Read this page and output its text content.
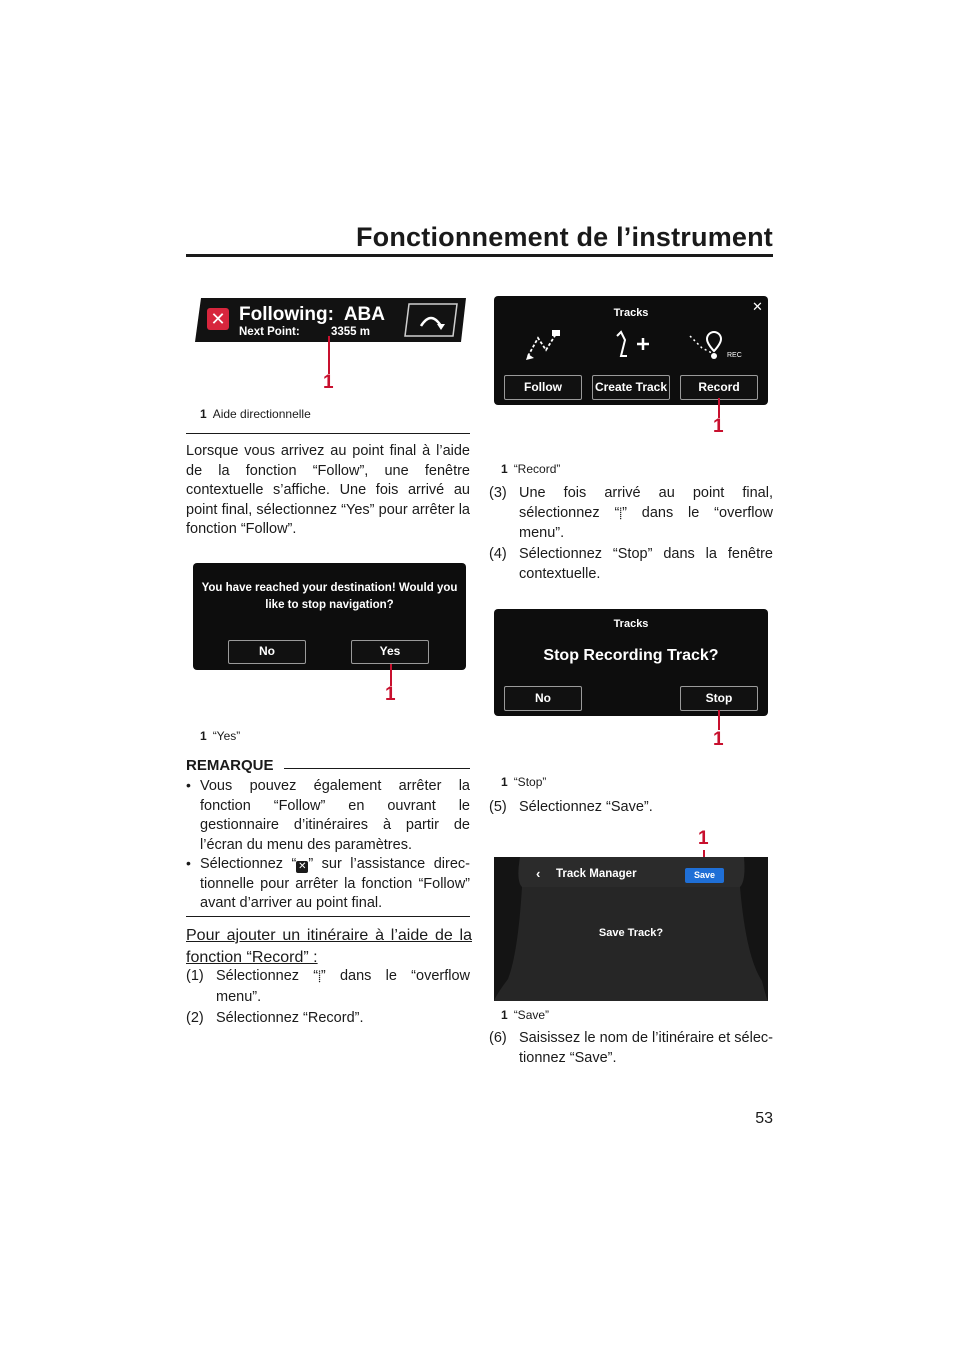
Fonctionnement de l’instrument
✕ Following:  ABA
Next Point:	3355 m
1
1 Aide directionnelle
Lorsque vous arrivez au point final à l’aide de la fonction “Follow”, une fenêtre contextuelle s’affiche. Une fois arrivé au point final, sélectionnez “Yes” pour arrêter la fonction “Follow”.
You have reached your destination! Would you like to stop navigation?
No	Yes
1
1 “Yes”
REMARQUE
• Vous pouvez également arrêter la fonction “Follow” en ouvrant le gestionnaire d’itinéraires à partir de l’écran du menu des paramètres.
• Sélectionnez “ ✕ ” sur l’assistance directionnelle pour arrêter la fonction “Follow” avant d’arriver au point final.
Pour ajouter un itinéraire à l’aide de la fonction “Record” :
(1) Sélectionnez “⸽” dans le “overflow menu”.
(2) Sélectionnez “Record”.
Tracks	✕
REC
Follow	Create Track	Record
1
1 “Record”
(3) Une fois arrivé au point final, sélectionnez “⸽” dans le “overflow menu”.
(4) Sélectionnez “Stop” dans la fenêtre contextuelle.
Tracks
Stop Recording Track?
No	Stop
1
1 “Stop”
(5) Sélectionnez “Save”.
1
‹ Track Manager	Save
Save Track?
1 “Save”
(6) Saisissez le nom de l’itinéraire et sélectionnez “Save”.
53
